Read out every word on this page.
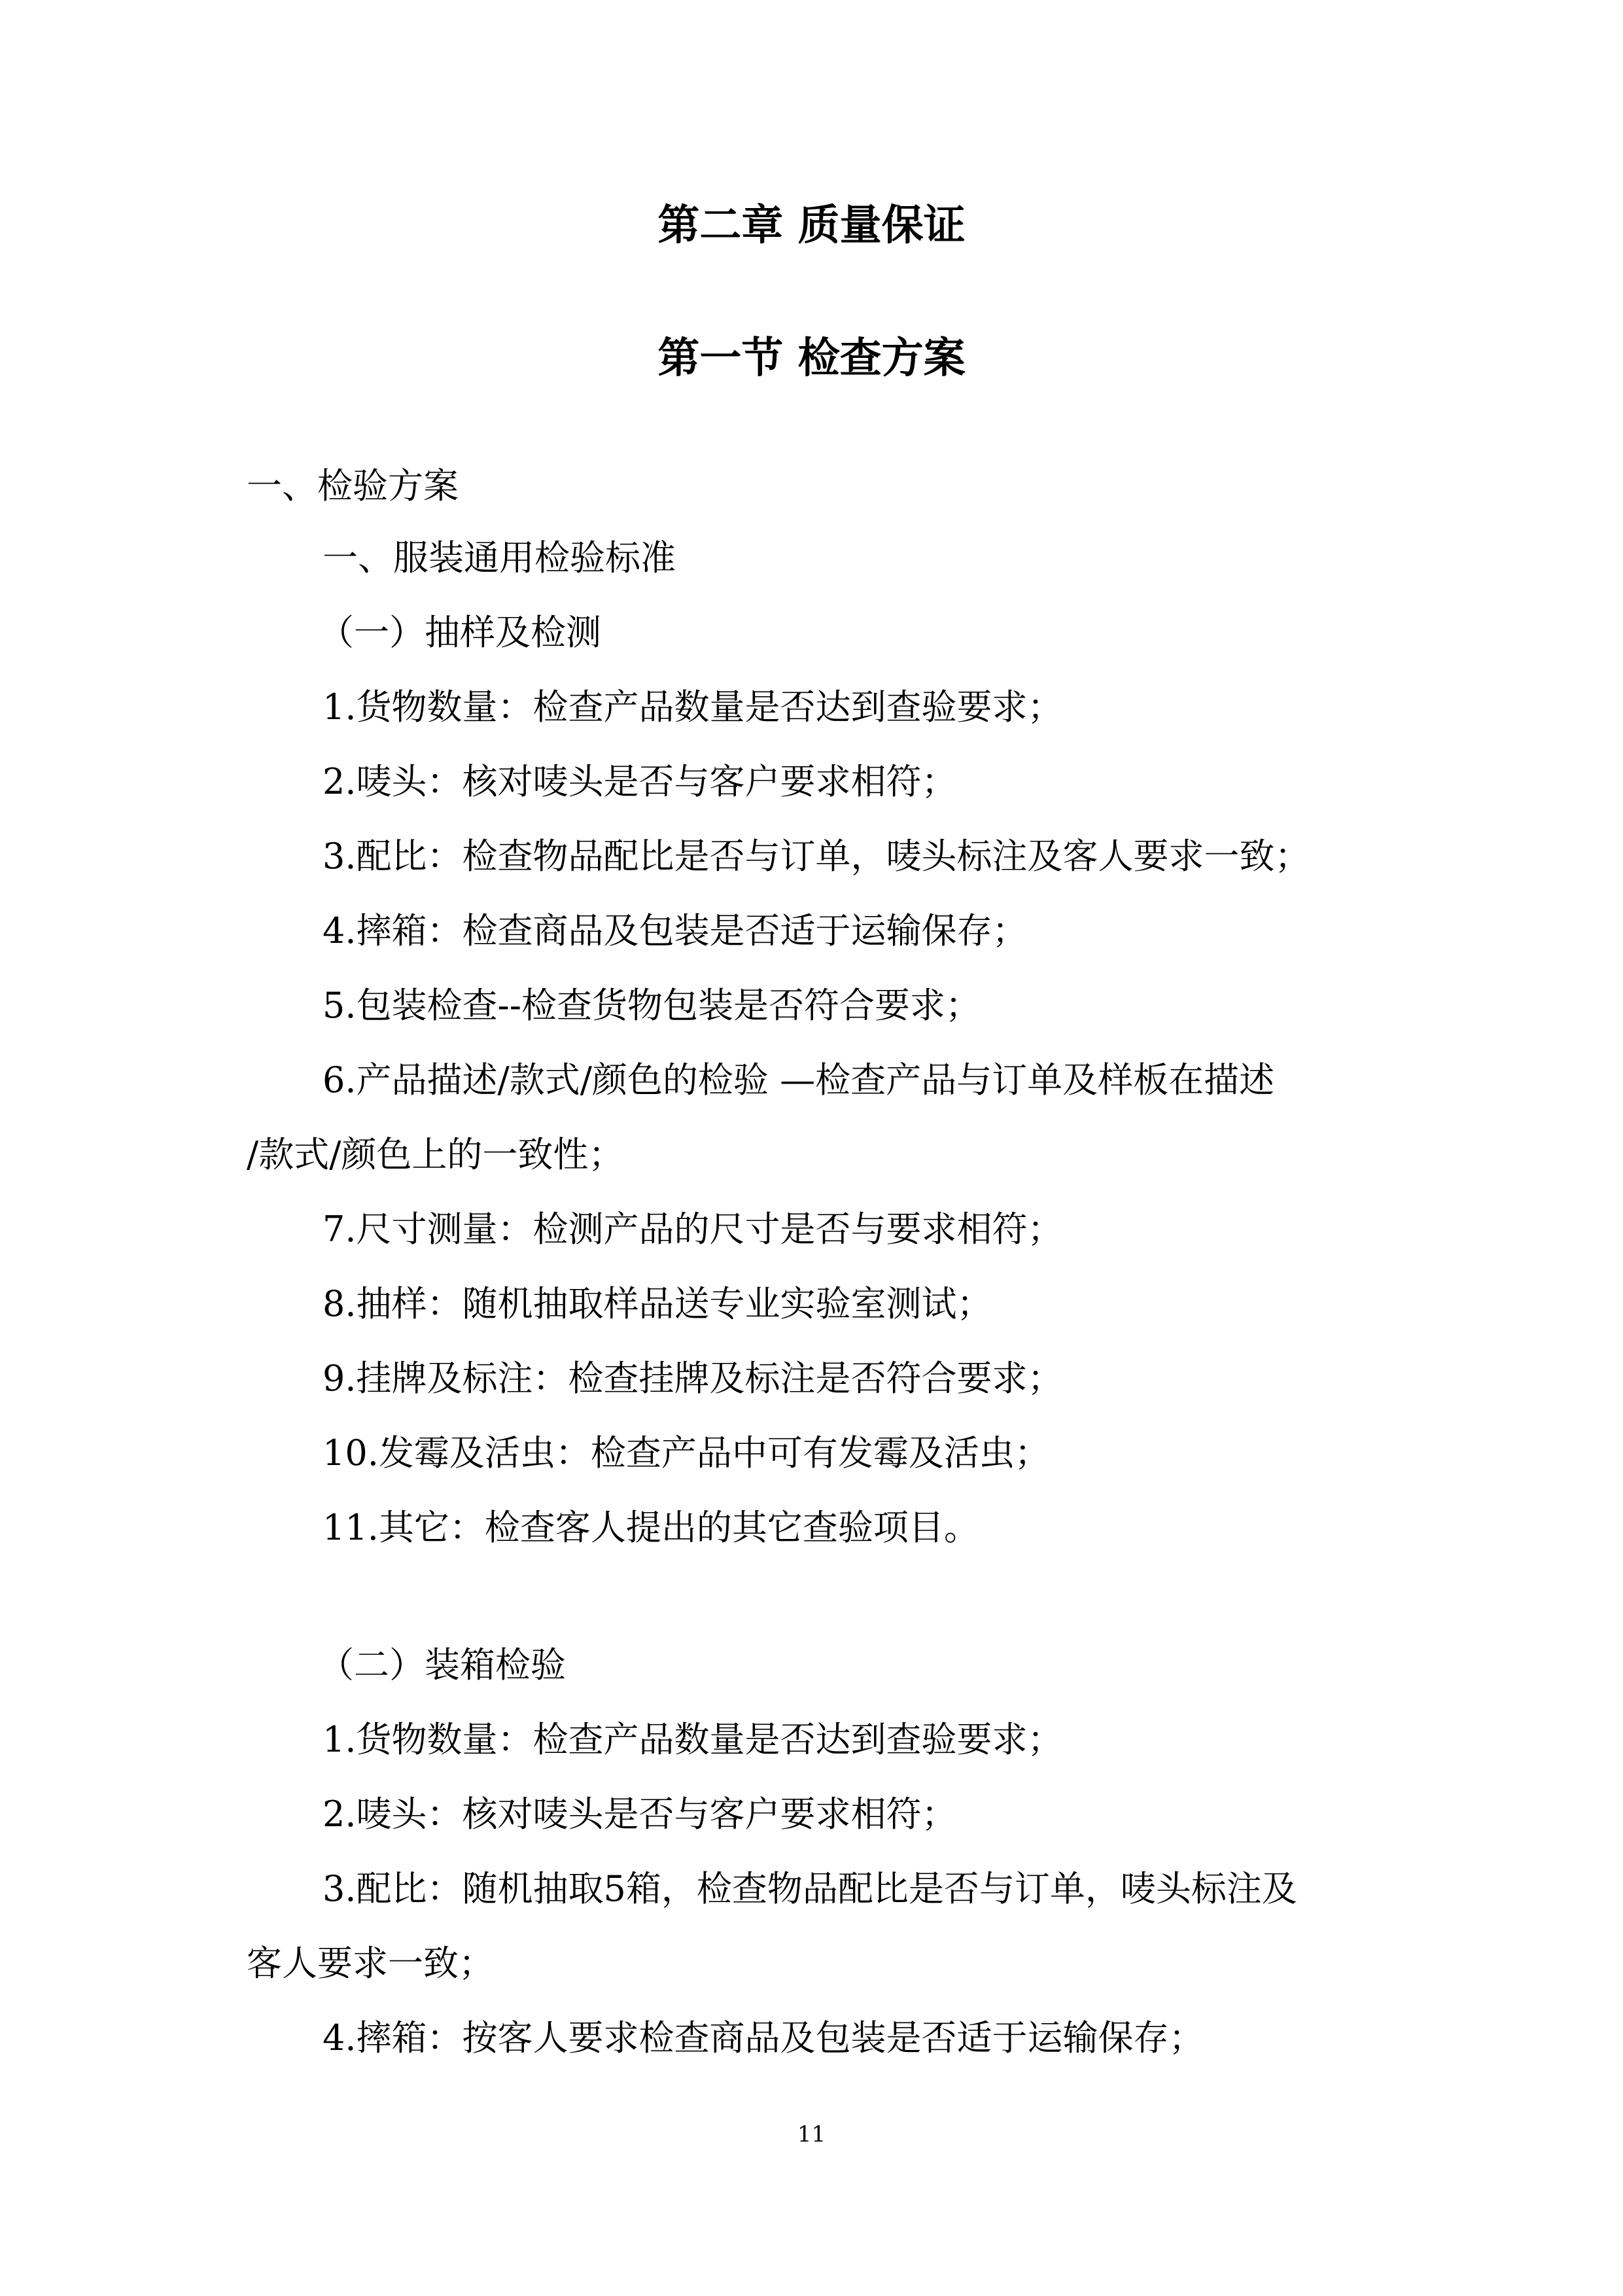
第二章 质量保证
第一节 检查方案
一、检验方案
一、服装通用检验标准
（一）抽样及检测
1.货物数量：检查产品数量是否达到查验要求；
2.唛头：核对唛头是否与客户要求相符；
3.配比：检查物品配比是否与订单，唛头标注及客人要求一致；
4.摔箱：检查商品及包装是否适于运输保存；
5.包装检查--检查货物包装是否符合要求；
6.产品描述/款式/颜色的检验 —检查产品与订单及样板在描述
/款式/颜色上的一致性；
7.尺寸测量：检测产品的尺寸是否与要求相符；
8.抽样：随机抽取样品送专业实验室测试；
9.挂牌及标注：检查挂牌及标注是否符合要求；
10.发霉及活虫：检查产品中可有发霉及活虫；
11.其它：检查客人提出的其它查验项目。
（二）装箱检验
1.货物数量：检查产品数量是否达到查验要求；
2.唛头：核对唛头是否与客户要求相符；
3.配比：随机抽取5箱，检查物品配比是否与订单，唛头标注及
客人要求一致；
4.摔箱：按客人要求检查商品及包装是否适于运输保存；
11
